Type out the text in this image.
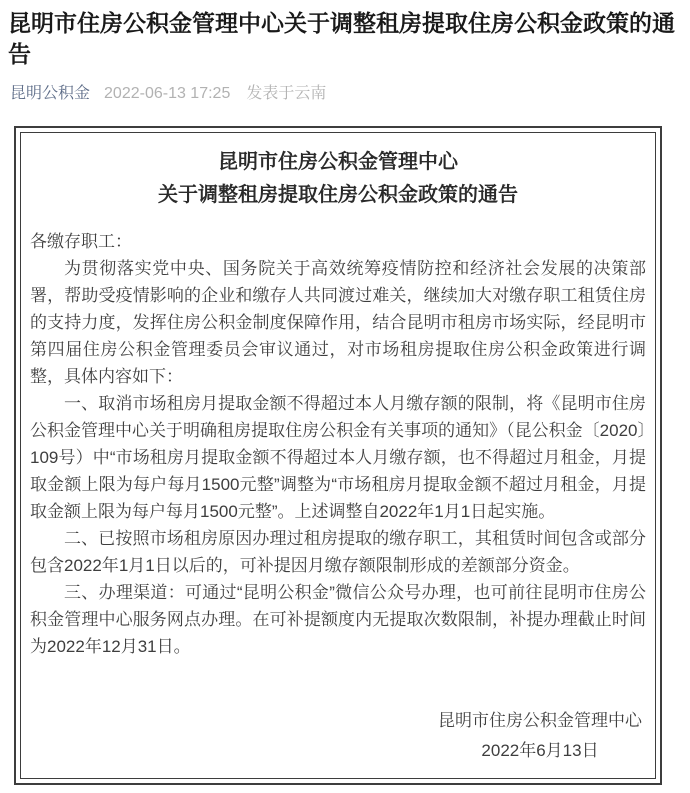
昆明市住房公积金管理中心关于调整租房提取住房公积金政策的通告
昆明公积金 2022-06-13 17:25 发表于云南
昆明市住房公积金管理中心
关于调整租房提取住房公积金政策的通告

各缴存职工：

为贯彻落实党中央、国务院关于高效统筹疫情防控和经济社会发展的决策部署，帮助受疫情影响的企业和缴存人共同渡过难关，继续加大对缴存职工租赁住房的支持力度，发挥住房公积金制度保障作用，结合昆明市租房市场实际，经昆明市第四届住房公积金管理委员会审议通过，对市场租房提取住房公积金政策进行调整，具体内容如下：

一、取消市场租房月提取金额不得超过本人月缴存额的限制，将《昆明市住房公积金管理中心关于明确租房提取住房公积金有关事项的通知》（昆公积金〔2020〕109号）中“市场租房月提取金额不得超过本人月缴存额，也不得超过月租金，月提取金额上限为每户每月1500元整”调整为“市场租房月提取金额不超过月租金，月提取金额上限为每户每月1500元整”。上述调整自2022年1月1日起实施。

二、已按照市场租房原因办理过租房提取的缴存职工，其租赁时间包含或部分包含2022年1月1日以后的，可补提因月缴存额限制形成的差额部分资金。

三、办理渠道：可通过“昆明公积金”微信公众号办理，也可前往昆明市住房公积金管理中心服务网点办理。在可补提额度内无提取次数限制，补提办理截止时间为2022年12月31日。

昆明市住房公积金管理中心
2022年6月13日
